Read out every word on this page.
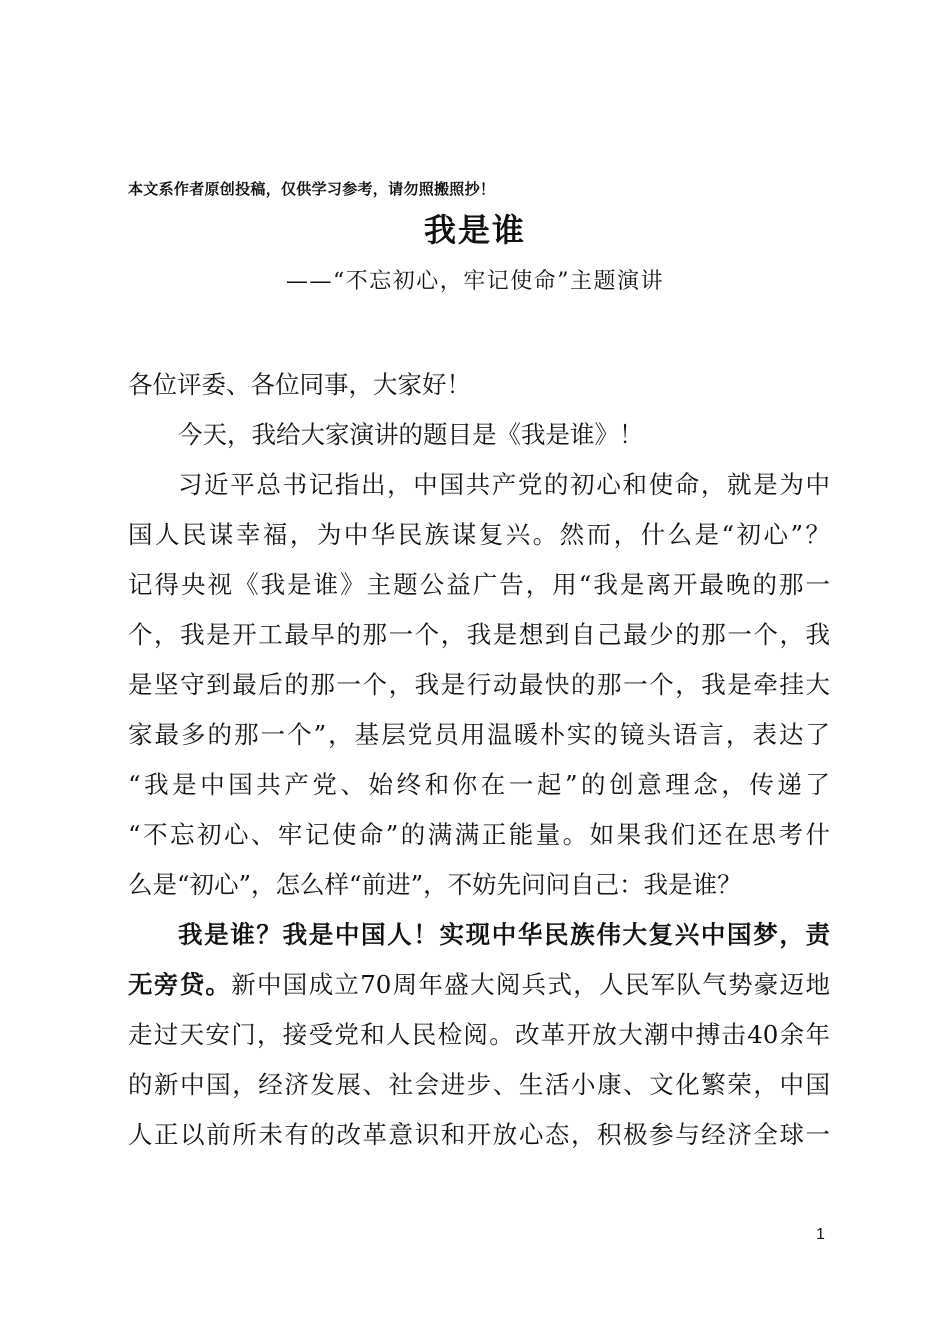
本文系作者原创投稿，仅供学习参考，请勿照搬照抄！
我是谁
——“不忘初心，牢记使命”主题演讲
各位评委、各位同事，大家好！
今天，我给大家演讲的题目是《我是谁》！
习近平总书记指出，中国共产党的初心和使命，就是为中
国人民谋幸福，为中华民族谋复兴。然而，什么是“初心”？
记得央视《我是谁》主题公益广告，用“我是离开最晚的那一
个，我是开工最早的那一个，我是想到自己最少的那一个，我
是坚守到最后的那一个，我是行动最快的那一个，我是牵挂大
家最多的那一个”，基层党员用温暖朴实的镜头语言，表达了
“我是中国共产党、始终和你在一起”的创意理念，传递了
“不忘初心、牢记使命”的满满正能量。如果我们还在思考什
么是“初心”，怎么样“前进”，不妨先问问自己：我是谁？
我是谁？我是中国人！实现中华民族伟大复兴中国梦，责
无旁贷。新中国成立70周年盛大阅兵式，人民军队气势豪迈地
走过天安门，接受党和人民检阅。改革开放大潮中搏击40余年
的新中国，经济发展、社会进步、生活小康、文化繁荣，中国
人正以前所未有的改革意识和开放心态，积极参与经济全球一
1
